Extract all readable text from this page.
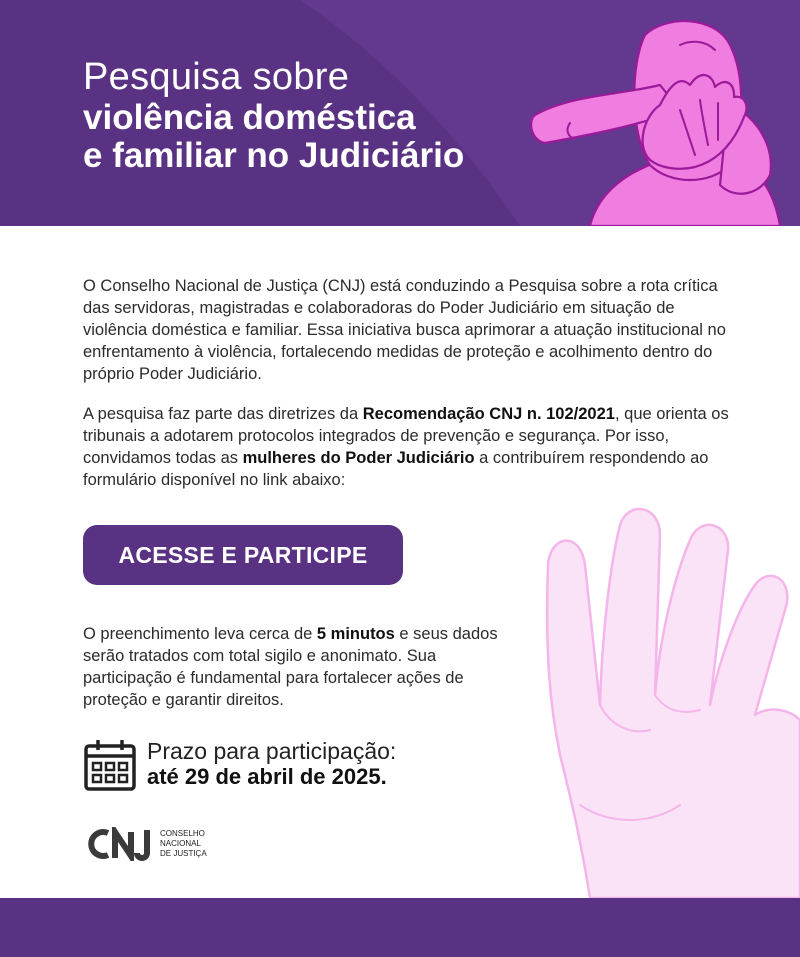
Pesquisa sobre
violência doméstica
e familiar no Judiciário

O Conselho Nacional de Justiça (CNJ) está conduzindo a Pesquisa sobre a rota crítica das servidoras, magistradas e colaboradoras do Poder Judiciário em situação de violência doméstica e familiar. Essa iniciativa busca aprimorar a atuação institucional no enfrentamento à violência, fortalecendo medidas de proteção e acolhimento dentro do próprio Poder Judiciário.

A pesquisa faz parte das diretrizes da Recomendação CNJ n. 102/2021, que orienta os tribunais a adotarem protocolos integrados de prevenção e segurança. Por isso, convidamos todas as mulheres do Poder Judiciário a contribuírem respondendo ao formulário disponível no link abaixo:

ACESSE E PARTICIPE

O preenchimento leva cerca de 5 minutos e seus dados serão tratados com total sigilo e anonimato. Sua participação é fundamental para fortalecer ações de proteção e garantir direitos.

Prazo para participação:
até 29 de abril de 2025.
CONSELHO
NACIONAL
DE JUSTIÇA
